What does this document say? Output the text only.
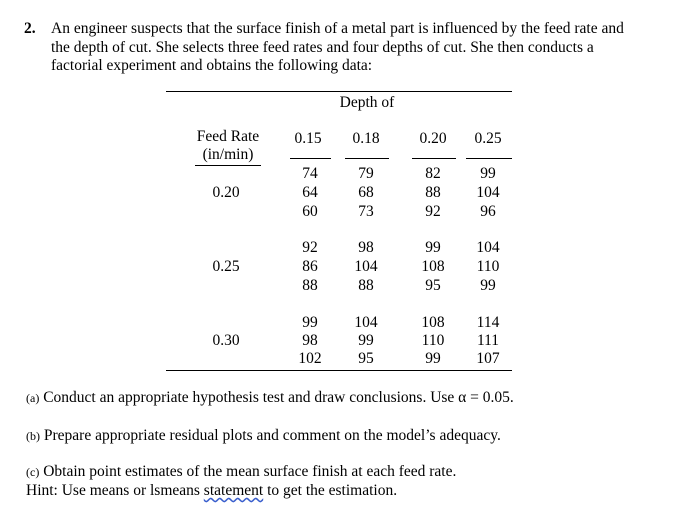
2. An engineer suspects that the surface finish of a metal part is influenced by the feed rate and
the depth of cut. She selects three feed rates and four depths of cut. She then conducts a
factorial experiment and obtains the following data:
Depth of
Feed Rate
(in/min)
0.15	0.18	0.20	0.25
0.20
74	79	82	99
64	68	88	104
60	73	92	96
0.25
92	98	99	104
86	104	108	110
88	88	95	99
0.30
99	104	108	114
98	99	110	111
102	95	99	107
(a) Conduct an appropriate hypothesis test and draw conclusions. Use α = 0.05.
(b) Prepare appropriate residual plots and comment on the model’s adequacy.
(c) Obtain point estimates of the mean surface finish at each feed rate.
Hint: Use means or lsmeans statement to get the estimation.
